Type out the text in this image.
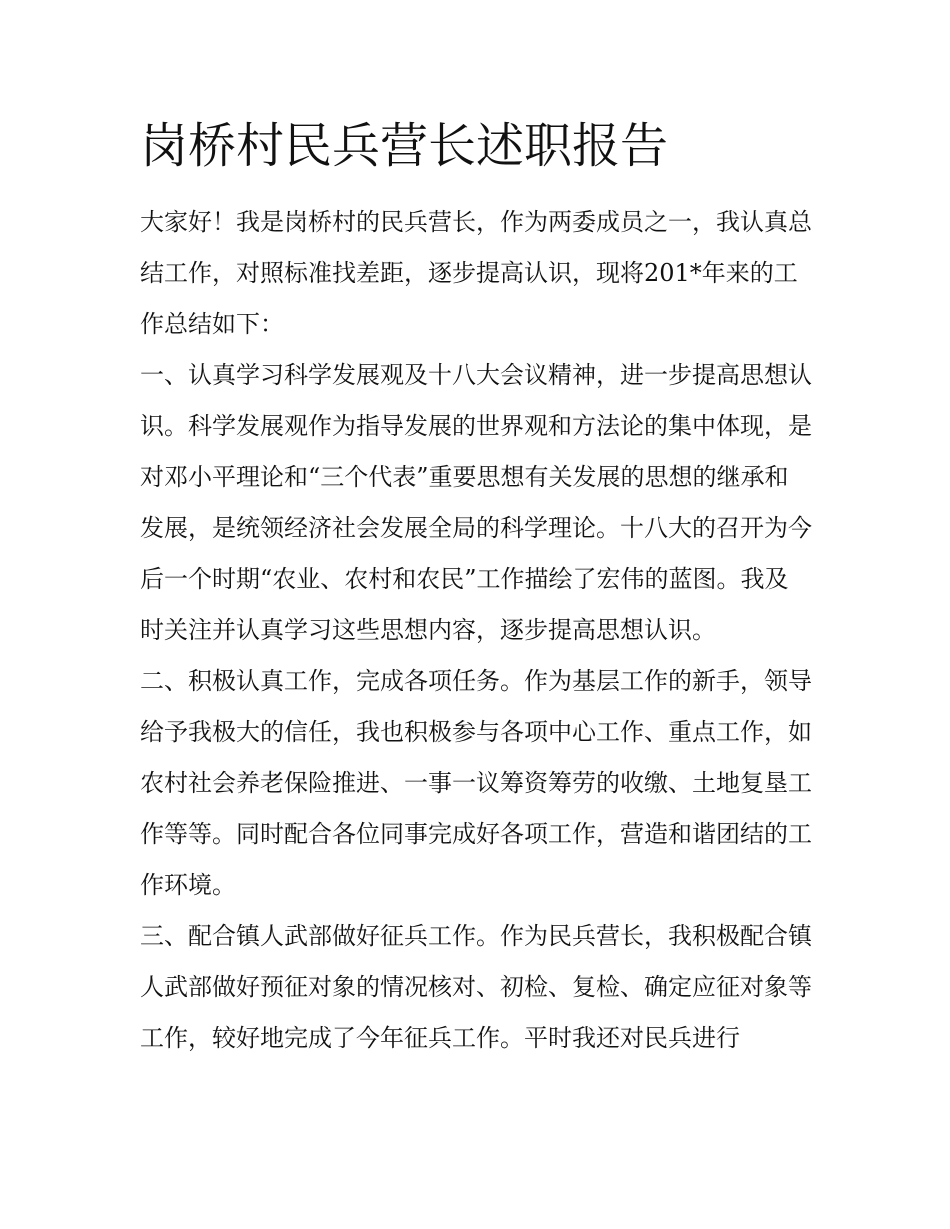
岗桥村民兵营长述职报告

大家好！我是岗桥村的民兵营长，作为两委成员之一，我认真总结工作，对照标准找差距，逐步提高认识，现将201*年来的工作总结如下：

一、认真学习科学发展观及十八大会议精神，进一步提高思想认识。科学发展观作为指导发展的世界观和方法论的集中体现，是对邓小平理论和“三个代表”重要思想有关发展的思想的继承和发展，是统领经济社会发展全局的科学理论。十八大的召开为今后一个时期“农业、农村和农民”工作描绘了宏伟的蓝图。我及时关注并认真学习这些思想内容，逐步提高思想认识。

二、积极认真工作，完成各项任务。作为基层工作的新手，领导给予我极大的信任，我也积极参与各项中心工作、重点工作，如农村社会养老保险推进、一事一议筹资筹劳的收缴、土地复垦工作等等。同时配合各位同事完成好各项工作，营造和谐团结的工作环境。

三、配合镇人武部做好征兵工作。作为民兵营长，我积极配合镇人武部做好预征对象的情况核对、初检、复检、确定应征对象等工作，较好地完成了今年征兵工作。平时我还对民兵进行
